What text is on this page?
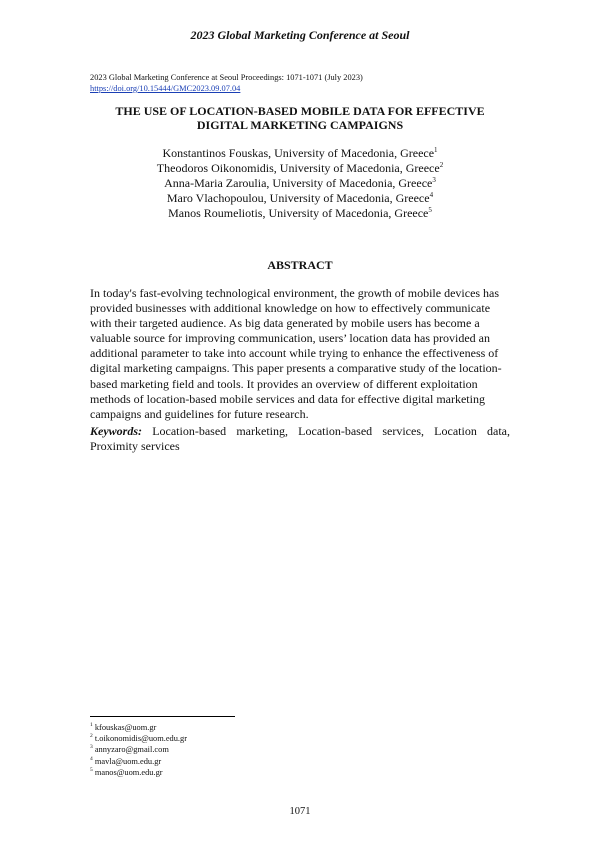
2023 Global Marketing Conference at Seoul
2023 Global Marketing Conference at Seoul Proceedings: 1071-1071 (July 2023)
https://doi.org/10.15444/GMC2023.09.07.04
THE USE OF LOCATION-BASED MOBILE DATA FOR EFFECTIVE
DIGITAL MARKETING CAMPAIGNS
Konstantinos Fouskas, University of Macedonia, Greece$^1$
Theodoros Oikonomidis, University of Macedonia, Greece$^2$
Anna-Maria Zaroulia, University of Macedonia, Greece$^3$
Maro Vlachopoulou, University of Macedonia, Greece$^4$
Manos Roumeliotis, University of Macedonia, Greece$^5$
ABSTRACT
In today's fast-evolving technological environment, the growth of mobile devices has
provided businesses with additional knowledge on how to effectively communicate
with their targeted audience. As big data generated by mobile users has become a
valuable source for improving communication, users’ location data has provided an
additional parameter to take into account while trying to enhance the effectiveness of
digital marketing campaigns. This paper presents a comparative study of the location-
based marketing field and tools. It provides an overview of different exploitation
methods of location-based mobile services and data for effective digital marketing
campaigns and guidelines for future research.

Keywords: Location-based marketing, Location-based services, Location data, Proximity services

$^1$ kfouskas@uom.gr
$^2$ t.oikonomidis@uom.edu.gr
$^3$ annyzaro@gmail.com
$^4$ mavla@uom.edu.gr
$^5$ manos@uom.edu.gr
1071
